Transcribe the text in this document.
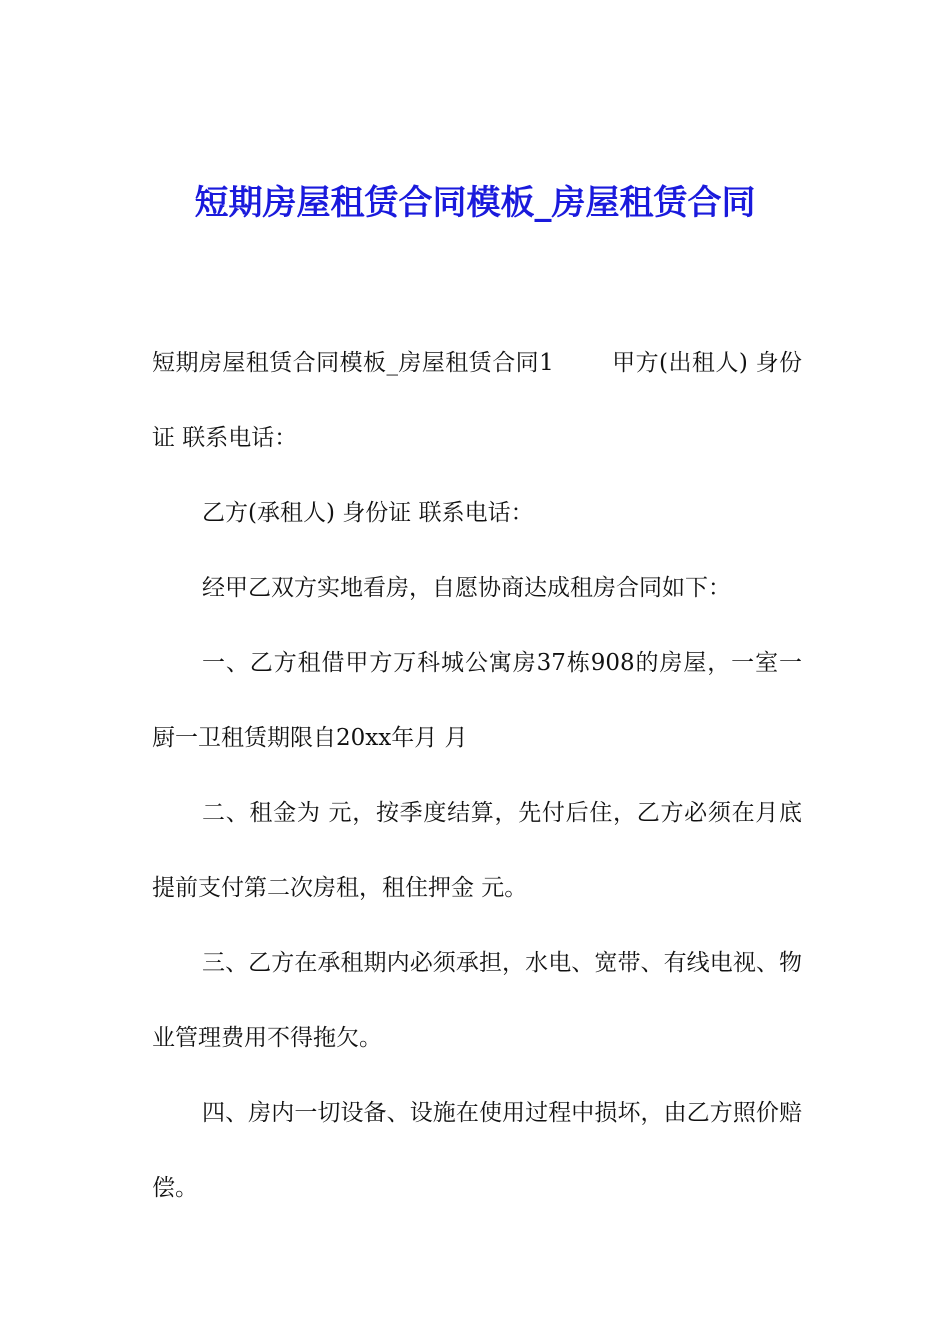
短期房屋租赁合同模板_房屋租赁合同

短期房屋租赁合同模板_房屋租赁合同1	甲方(出租人) 身份证 联系电话：

乙方(承租人) 身份证 联系电话：

经甲乙双方实地看房，自愿协商达成租房合同如下：

一、乙方租借甲方万科城公寓房37栋908的房屋，一室一厨一卫租赁期限自20xx年月 月

二、租金为 元，按季度结算，先付后住，乙方必须在月底提前支付第二次房租，租住押金 元。

三、乙方在承租期内必须承担，水电、宽带、有线电视、物业管理费用不得拖欠。

四、房内一切设备、设施在使用过程中损坏，由乙方照价赔偿。
